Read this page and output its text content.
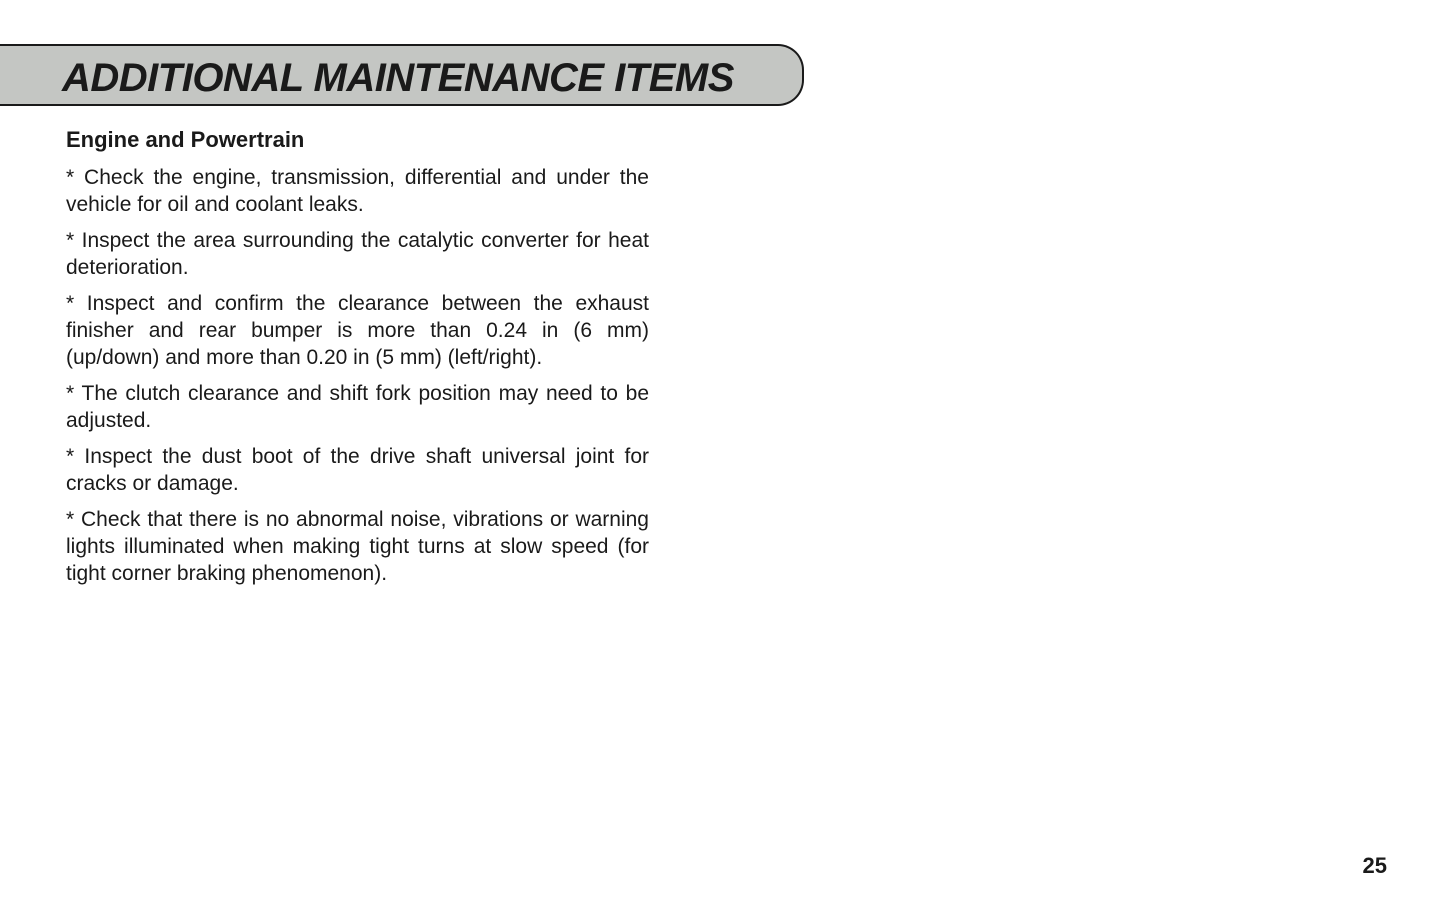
ADDITIONAL MAINTENANCE ITEMS
Engine and Powertrain

* Check the engine, transmission, differential and under the vehicle for oil and coolant leaks.

* Inspect the area surrounding the catalytic converter for heat deterioration.

* Inspect and confirm the clearance between the exhaust finisher and rear bumper is more than 0.24 in (6 mm) (up/down) and more than 0.20 in (5 mm) (left/right).

* The clutch clearance and shift fork position may need to be adjusted.

* Inspect the dust boot of the drive shaft universal joint for cracks or damage.

* Check that there is no abnormal noise, vibrations or warning lights illuminated when making tight turns at slow speed (for tight corner braking phenomenon).

25
